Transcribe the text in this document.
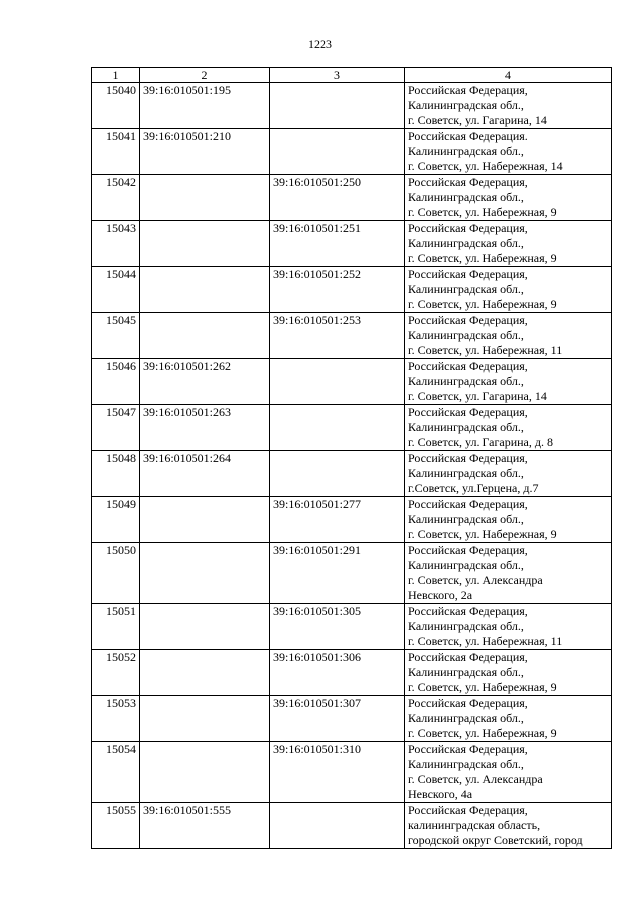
1223
1	2	3	4
15040	39:16:010501:195		Российская Федерация,
Калининградская обл.,
г. Советск, ул. Гагарина, 14

15041	39:16:010501:210		Российская Федерация.
Калининградская обл.,
г. Советск, ул. Набережная, 14

15042		39:16:010501:250	Российская Федерация,
Калининградская обл.,
г. Советск, ул. Набережная, 9

15043		39:16:010501:251	Российская Федерация,
Калининградская обл.,
г. Советск, ул. Набережная, 9

15044		39:16:010501:252	Российская Федерация,
Калининградская обл.,
г. Советск, ул. Набережная, 9

15045		39:16:010501:253	Российская Федерация,
Калининградская обл.,
г. Советск, ул. Набережная, 11

15046	39:16:010501:262		Российская Федерация,
Калининградская обл.,
г. Советск, ул. Гагарина, 14

15047	39:16:010501:263		Российская Федерация,
Калининградская обл.,
г. Советск, ул. Гагарина, д. 8

15048	39:16:010501:264		Российская Федерация,
Калининградская обл.,
г.Советск, ул.Герцена, д.7

15049		39:16:010501:277	Российская Федерация,
Калининградская обл.,
г. Советск, ул. Набережная, 9

15050		39:16:010501:291	Российская Федерация,
Калининградская обл.,
г. Советск, ул. Александра
Невского, 2а

15051		39:16:010501:305	Российская Федерация,
Калининградская обл.,
г. Советск, ул. Набережная, 11

15052		39:16:010501:306	Российская Федерация,
Калининградская обл.,
г. Советск, ул. Набережная, 9

15053		39:16:010501:307	Российская Федерация,
Калининградская обл.,
г. Советск, ул. Набережная, 9

15054		39:16:010501:310	Российская Федерация,
Калининградская обл.,
г. Советск, ул. Александра
Невского, 4а

15055	39:16:010501:555		Российская Федерация,
калининградская область,
городской округ Советский, город
